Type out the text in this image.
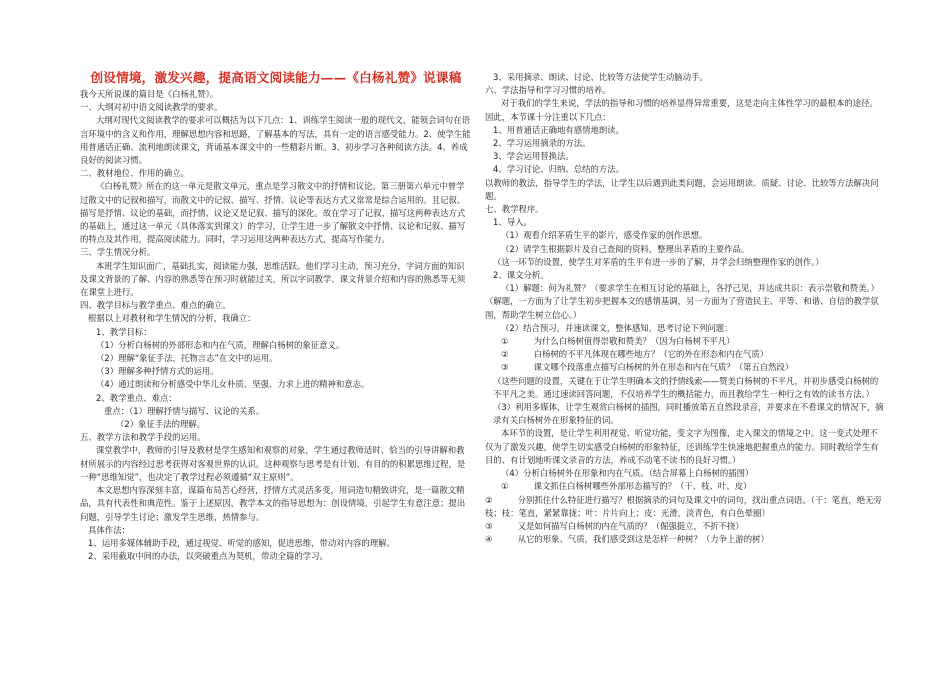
创设情境，激发兴趣，提高语文阅读能力——《白杨礼赞》说课稿

我今天所说课的篇目是《白杨礼赞》。

一、大纲对初中语文阅读教学的要求。

大纲对现代文阅读教学的要求可以概括为以下几点：1、训练学生阅读一般的现代文，能领会词句在语言环境中的含义和作用，理解思想内容和思路，了解基本的写法，具有一定的语言感受能力。2、使学生能用普通话正确、流利地朗读课文，背诵基本课文中的一些精彩片断。3、初步学习各种阅读方法。4、养成良好的阅读习惯。

二、教材地位、作用的确立。

《白杨礼赞》所在的这一单元是散文单元，重点是学习散文中的抒情和议论。第三册第六单元中曾学过散文中的记叙和描写，而散文中的记叙、描写、抒情、议论等表达方式又常常是综合运用的。且记叙、描写是抒情、议论的基础，而抒情、议论又是记叙、描写的深化。故在学习了记叙、描写这两种表达方式的基础上，通过这一单元（具体落实到课文）的学习，让学生进一步了解散文中抒情、议论和记叙、描写的特点及其作用，提高阅读能力。同时，学习运用这两种表达方式，提高写作能力。

三、学生情况分析。

本班学生知识面广，基础扎实，阅读能力强，思维活跃。他们学习主动，预习充分，字词方面的知识及课文背景的了解、内容的熟悉等在预习时就能过关，所以字词教学、课文背景介绍和内容的熟悉等无须在课堂上进行。

四、教学目标与教学重点、难点的确立。

根据以上对教材和学生情况的分析，我确立：

1、教学目标：

（1）分析白杨树的外部形态和内在气质，理解白杨树的象征意义。

（2）理解“象征手法，托物言志”在文中的运用。

（3）理解多种抒情方式的运用。

（4）通过朗读和分析感受中华儿女朴质、坚强、力求上进的精神和意志。

2、教学重点、难点：

重点：（1）理解抒情与描写、议论的关系。

（2）象征手法的理解。

五、教学方法和教学手段的运用。

课堂教学中，教师的引导及教材是学生感知和观察的对象，学生通过教师适时、恰当的引导讲解和教材所展示的内容经过思考获得对客观世界的认识。这种观察与思考是有计划、有目的的积累思维过程，是一种“思维知觉”，也决定了教学过程必须遵循“双主原则”。

本文思想内容深刻丰富，谋篇布局苦心经营，抒情方式灵活多变，用词造句精致讲究，是一篇散文精品，具有代表性和典范性。鉴于上述原因，教学本文的指导思想为：创设情境，引起学生有意注意；提出问题，引导学生讨论；激发学生思维，热情参与。

具体作法：

1、运用多媒体辅助手段，通过视觉、听觉的感知，促进思维，带动对内容的理解。

2、采用截取中间的办法，以突破重点为契机，带动全篇的学习。

3、采用摘录、朗读、讨论、比较等方法使学生动脑动手。

六、学法指导和学习习惯的培养。

对于我们的学生来说，学法的指导和习惯的培养显得异常重要，这是走向主体性学习的最根本的途径。因此，本节课十分注重以下几点：

1、用普通话正确地有感情地朗读。

2、学习运用摘录的方法。

3、学会运用替换法。

4、学习讨论、归纳、总结的方法。

以教师的教法，指导学生的学法，让学生以后遇到此类问题，会运用朗读、质疑、讨论、比较等方法解决问题。

七、教学程序。

1、导入。

（1）观看介绍茅盾生平的影片，感受作家的创作思想。

（2）请学生根据影片及自己查阅的资料，整理出茅盾的主要作品。

（这一环节的设置，使学生对茅盾的生平有进一步的了解，并学会归纳整理作家的创作。）

2、课文分析。

（1）解题：何为礼赞？（要求学生在相互讨论的基础上，各抒己见，并达成共识：表示崇敬和赞美。）

（解题，一方面为了让学生初步把握本文的感情基调，另一方面为了营造民主、平等、和谐、自信的教学氛围，帮助学生树立信心。）

（2）结合预习，并速读课文，整体感知，思考讨论下列问题：

①　　　为什么白杨树值得崇敬和赞美？（因为白杨树不平凡）

②　　　白杨树的不平凡体现在哪些地方？（它的外在形态和内在气质）

③　　　课文哪个段落重点描写白杨树的外在形态和内在气质？（第五自然段）

（这些问题的设置，关键在于让学生明确本文的抒情线索——赞美白杨树的不平凡，并初步感受白杨树的不平凡之美。通过速读回答问题，不仅培养学生的概括能力，而且教给学生一种行之有效的读书方法。）

（3）利用多媒体，让学生观赏白杨树的插图，同时播放第五自然段录音，并要求在不看课文的情况下，摘录有关白杨树外在形象特征的词。

本环节的设置，是让学生利用视觉、听觉功能，变文字为图像，走入课文的情境之中。这一变式处理不仅为了激发兴趣，使学生切实感受白杨树的形象特征，还训练学生快速地把握重点的能力。同时教给学生有目的、有计划地听课文录音的方法，养成不动笔不读书的良好习惯。）

（4）分析白杨树外在形象和内在气质。（结合屏幕上白杨树的插图）

①　　　课文抓住白杨树哪些外部形态描写的？（干、枝、叶、皮）

②　　　分别抓住什么特征进行描写？根据摘录的词句及课文中的词句，找出重点词语。（干：笔直，绝无旁枝；枝：笔直，紧紧靠拢；叶：片片向上；皮：光滑，淡青色，有白色晕圈）

③　　　又是如何描写白杨树的内在气质的？（倔强挺立，不折不挠）

④　　　从它的形象、气质，我们感受到这是怎样一种树？（力争上游的树）
